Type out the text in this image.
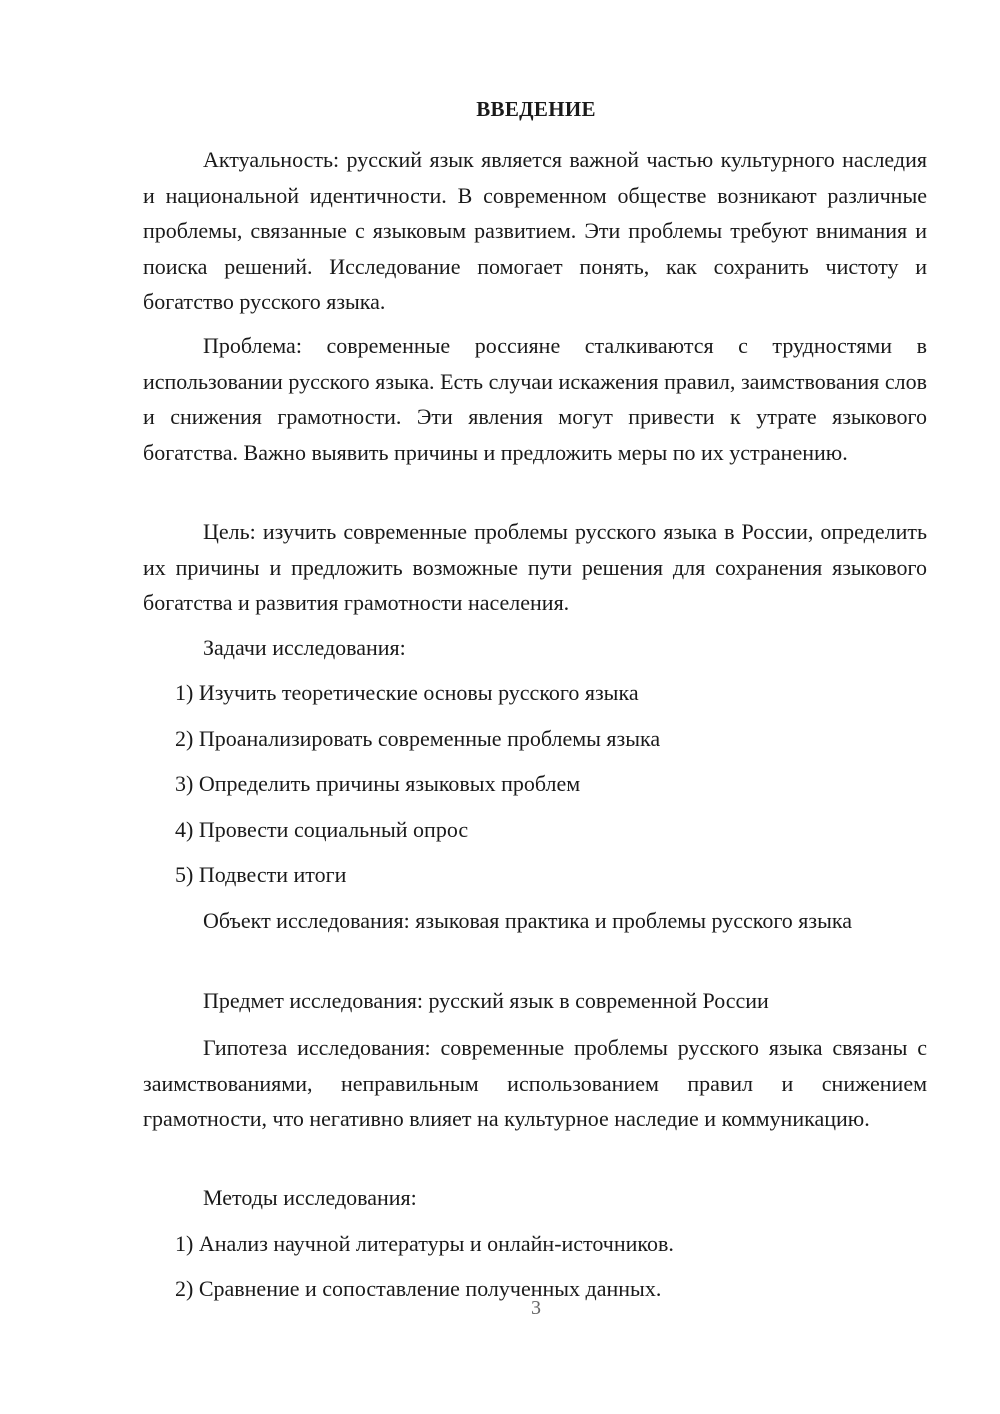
ВВЕДЕНИЕ

Актуальность: русский язык является важной частью культурного наследия и национальной идентичности. В современном обществе возникают различные проблемы, связанные с языковым развитием. Эти проблемы требуют внимания и поиска решений. Исследование помогает понять, как сохранить чистоту и богатство русского языка.

Проблема: современные россияне сталкиваются с трудностями в использовании русского языка. Есть случаи искажения правил, заимствования слов и снижения грамотности. Эти явления могут привести к утрате языкового богатства. Важно выявить причины и предложить меры по их устранению.

Цель: изучить современные проблемы русского языка в России, определить их причины и предложить возможные пути решения для сохранения языкового богатства и развития грамотности населения.

Задачи исследования:
1) Изучить теоретические основы русского языка
2) Проанализировать современные проблемы языка
3) Определить причины языковых проблем
4) Провести социальный опрос
5) Подвести итоги

Объект исследования: языковая практика и проблемы русского языка

Предмет исследования: русский язык в современной России

Гипотеза исследования: современные проблемы русского языка связаны с заимствованиями, неправильным использованием правил и снижением грамотности, что негативно влияет на культурное наследие и коммуникацию.

Методы исследования:
1) Анализ научной литературы и онлайн-источников.
2) Сравнение и сопоставление полученных данных.
3
